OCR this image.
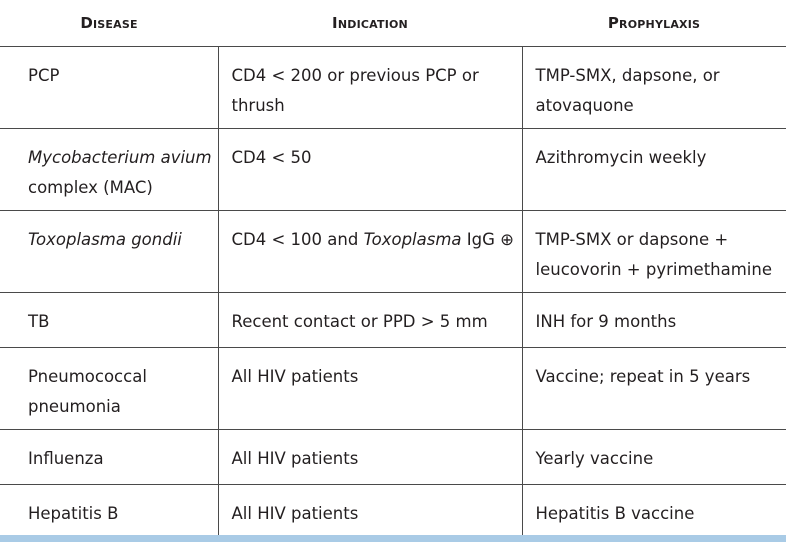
Disease	Indication	Prophylaxis
PCP	CD4 < 200 or previous PCP or thrush	TMP-SMX, dapsone, or atovaquone
Mycobacterium avium complex (MAC)	CD4 < 50	Azithromycin weekly
Toxoplasma gondii	CD4 < 100 and Toxoplasma IgG ⊕	TMP-SMX or dapsone + leucovorin + pyrimethamine
TB	Recent contact or PPD > 5 mm	INH for 9 months
Pneumococcal pneumonia	All HIV patients	Vaccine; repeat in 5 years
Influenza	All HIV patients	Yearly vaccine
Hepatitis B	All HIV patients	Hepatitis B vaccine
